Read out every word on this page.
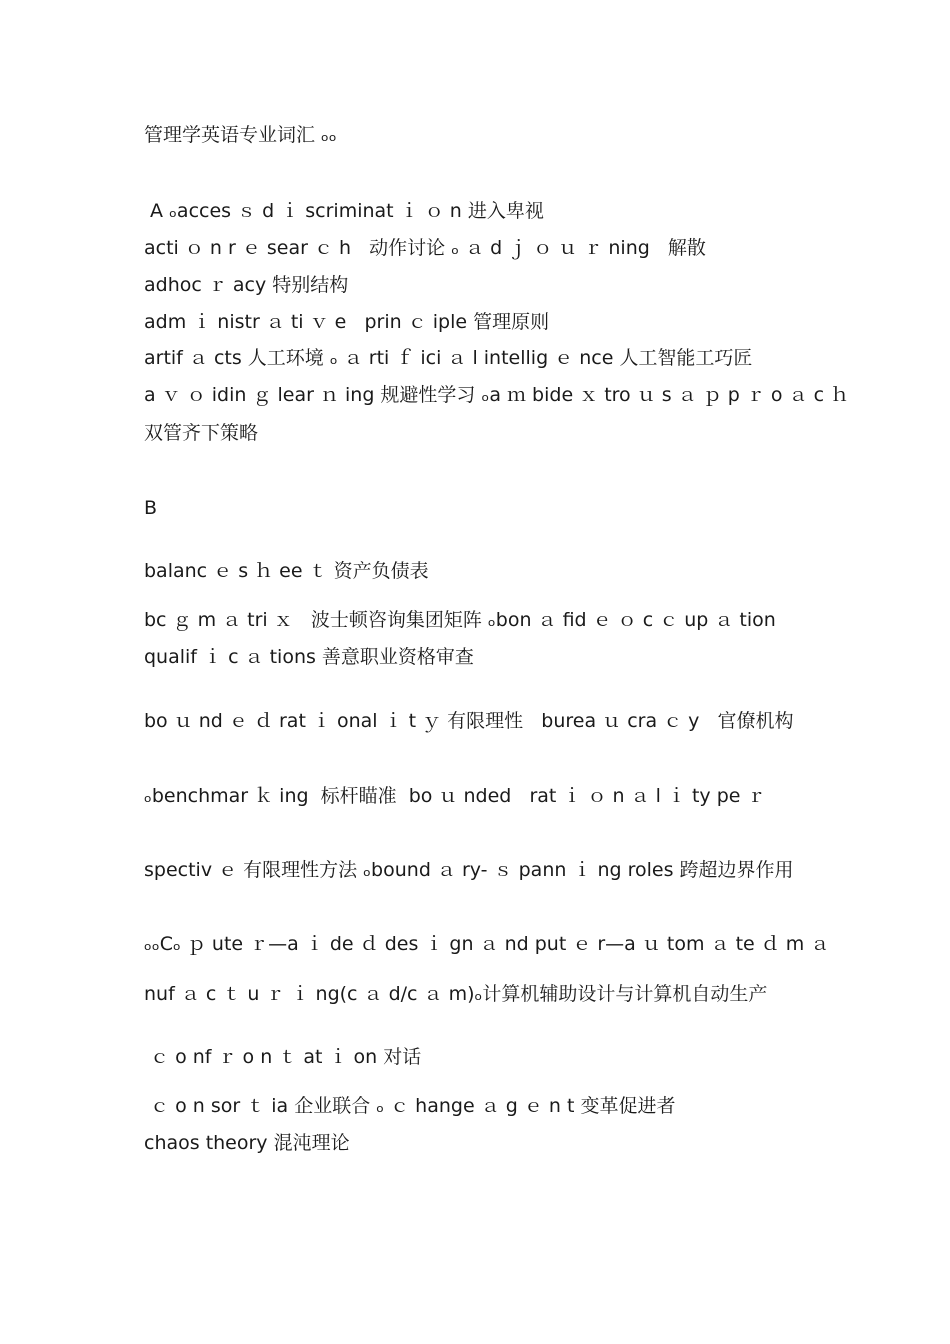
管理学英语专业词汇 ₒₒ

A ₒacces ｓ d ｉ scriminat ｉ ｏ n 进入卑视

acti ｏ n r ｅ sear ｃ h   动作讨论 ₒ ａ d ｊ ｏ ｕ ｒ ning   解散

adhoc ｒ acy 特别结构

adm ｉ nistr ａ ti ｖ e   prin ｃ iple 管理原则

artif ａ cts 人工环境 ₒ ａ rti ｆ ici ａ l intellig ｅ nce 人工智能工巧匠

a ｖ ｏ idin ｇ lear ｎ ing 规避性学习 ₒa ｍ bide ｘ tro ｕ s ａ ｐ p ｒ o ａ c ｈ

双管齐下策略

B

balanc ｅ s ｈ ee ｔ 资产负债表

bc ｇ m ａ tri ｘ   波士顿咨询集团矩阵 ₒbon ａ fid ｅ ｏ c ｃ up ａ tion

qualif ｉ c ａ tions 善意职业资格审查

bo ｕ nd ｅ ｄ rat ｉ onal ｉ t ｙ 有限理性   burea ｕ cra ｃ y   官僚机构

ₒbenchmar ｋ ing  标杆瞄准  bo ｕ nded   rat ｉ ｏ n ａ l ｉ ty pe ｒ

spectiv ｅ 有限理性方法 ₒbound ａ ry- ｓ pann ｉ ng roles 跨超边界作用

ₒₒCₒ ｐ ute ｒ—a ｉ de ｄ des ｉ gn ａ nd put ｅ r—a ｕ tom ａ te ｄ m ａ

nuf ａ c ｔ u ｒ ｉ ng(c ａ d/c ａ m)ₒ计算机辅助设计与计算机自动生产

ｃ o nf ｒ o n ｔ at ｉ on 对话

ｃ o n sor ｔ ia 企业联合 ₒ ｃ hange ａ g ｅ n t 变革促进者

chaos theory 混沌理论
